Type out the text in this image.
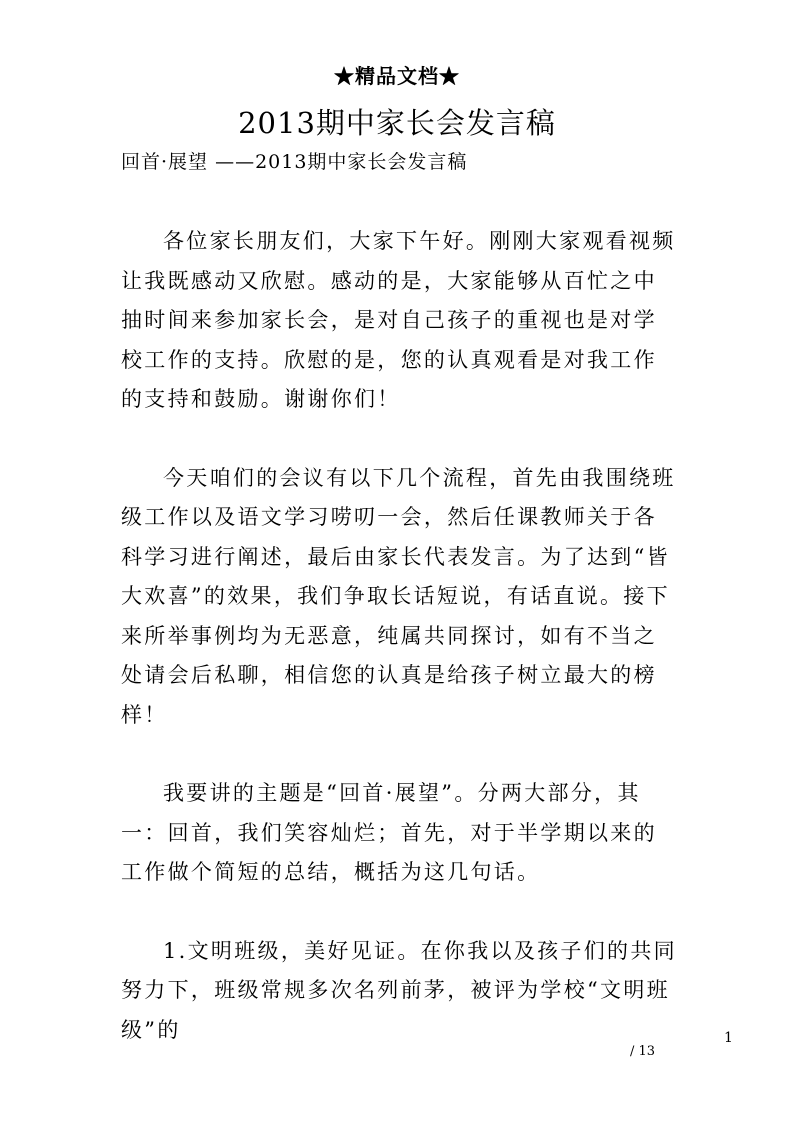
★精品文档★
2013期中家长会发言稿
回首·展望 ——2013期中家长会发言稿

各位家长朋友们，大家下午好。刚刚大家观看视频让我既感动又欣慰。感动的是，大家能够从百忙之中抽时间来参加家长会，是对自己孩子的重视也是对学校工作的支持。欣慰的是，您的认真观看是对我工作的支持和鼓励。谢谢你们！

今天咱们的会议有以下几个流程，首先由我围绕班级工作以及语文学习唠叨一会，然后任课教师关于各科学习进行阐述，最后由家长代表发言。为了达到“皆大欢喜”的效果，我们争取长话短说，有话直说。接下来所举事例均为无恶意，纯属共同探讨，如有不当之处请会后私聊，相信您的认真是给孩子树立最大的榜样！

我要讲的主题是“回首·展望”。分两大部分，其一：回首，我们笑容灿烂；首先，对于半学期以来的工作做个简短的总结，概括为这几句话。

1.文明班级，美好见证。在你我以及孩子们的共同努力下，班级常规多次名列前茅，被评为学校“文明班级”的	1
/ 13
